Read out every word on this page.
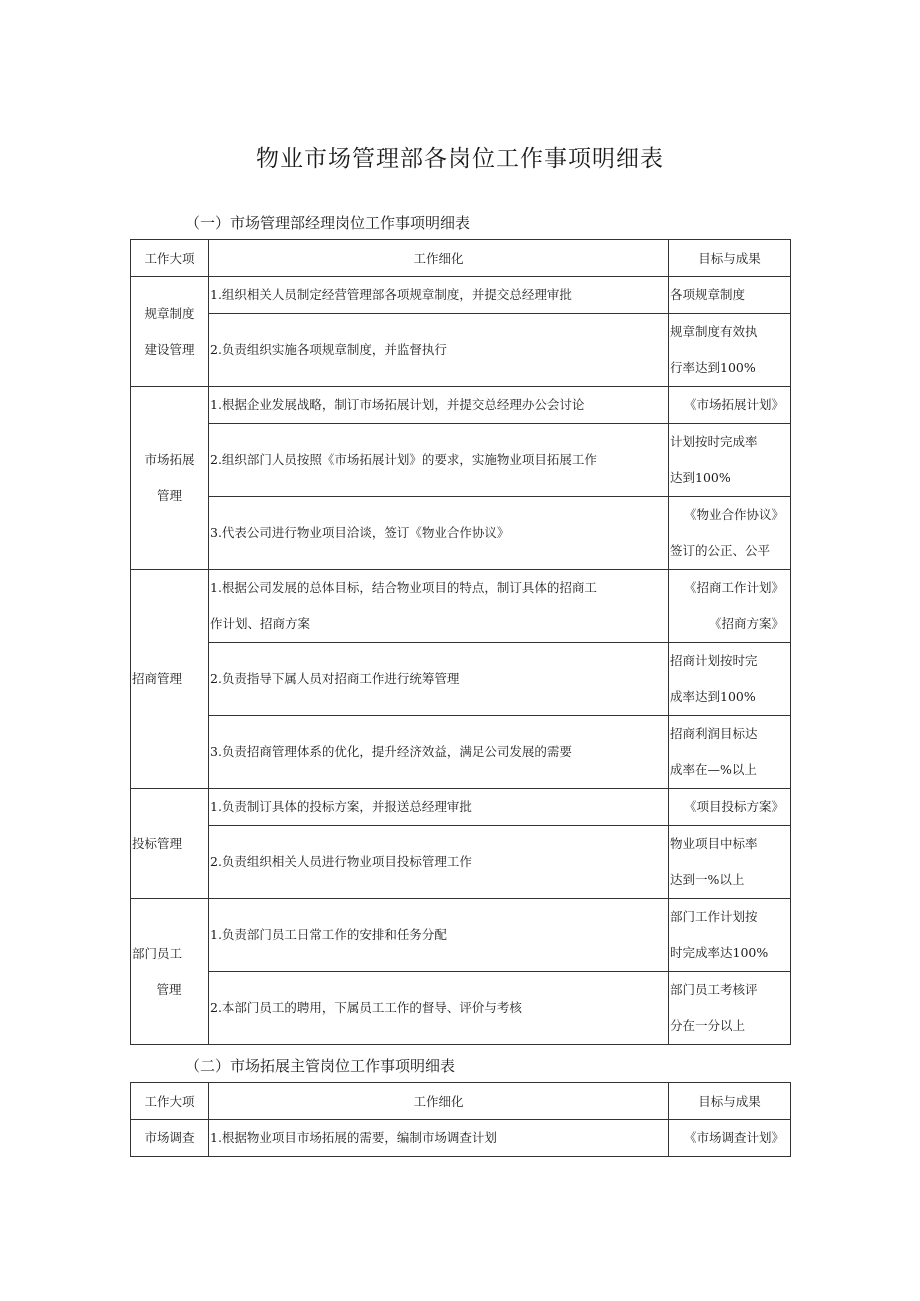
物业市场管理部各岗位工作事项明细表
（一）市场管理部经理岗位工作事项明细表
工作大项	工作细化	目标与成果

规章制度
建设管理	1.组织相关人员制定经营管理部各项规章制度，并提交总经理审批	各项规章制度
	2.负责组织实施各项规章制度，并监督执行	规章制度有效执
行率达到100%

市场拓展
管理	1.根据企业发展战略，制订市场拓展计划，并提交总经理办公会讨论	《市场拓展计划》
	2.组织部门人员按照《市场拓展计划》的要求，实施物业项目拓展工作	计划按时完成率
达到100%

	3.代表公司进行物业项目洽谈，签订《物业合作协议》	《物业合作协议》
签订的公正、公平

招商管理	1.根据公司发展的总体目标，结合物业项目的特点，制订具体的招商工
作计划、招商方案	《招商工作计划》
《招商方案》

	2.负责指导下属人员对招商工作进行统筹管理	招商计划按时完
成率达到100%

	3.负责招商管理体系的优化，提升经济效益，满足公司发展的需要	招商利润目标达
成率在—%以上

投标管理	1.负责制订具体的投标方案，并报送总经理审批	《项目投标方案》
	2.负责组织相关人员进行物业项目投标管理工作	物业项目中标率
达到一%以上

部门员工
管理	1.负责部门员工日常工作的安排和任务分配	部门工作计划按
时完成率达100%

	2.本部门员工的聘用，下属员工工作的督导、评价与考核	部门员工考核评
分在一分以上
（二）市场拓展主管岗位工作事项明细表
工作大项	工作细化	目标与成果
市场调查	1.根据物业项目市场拓展的需要，编制市场调查计划	《市场调查计划》
